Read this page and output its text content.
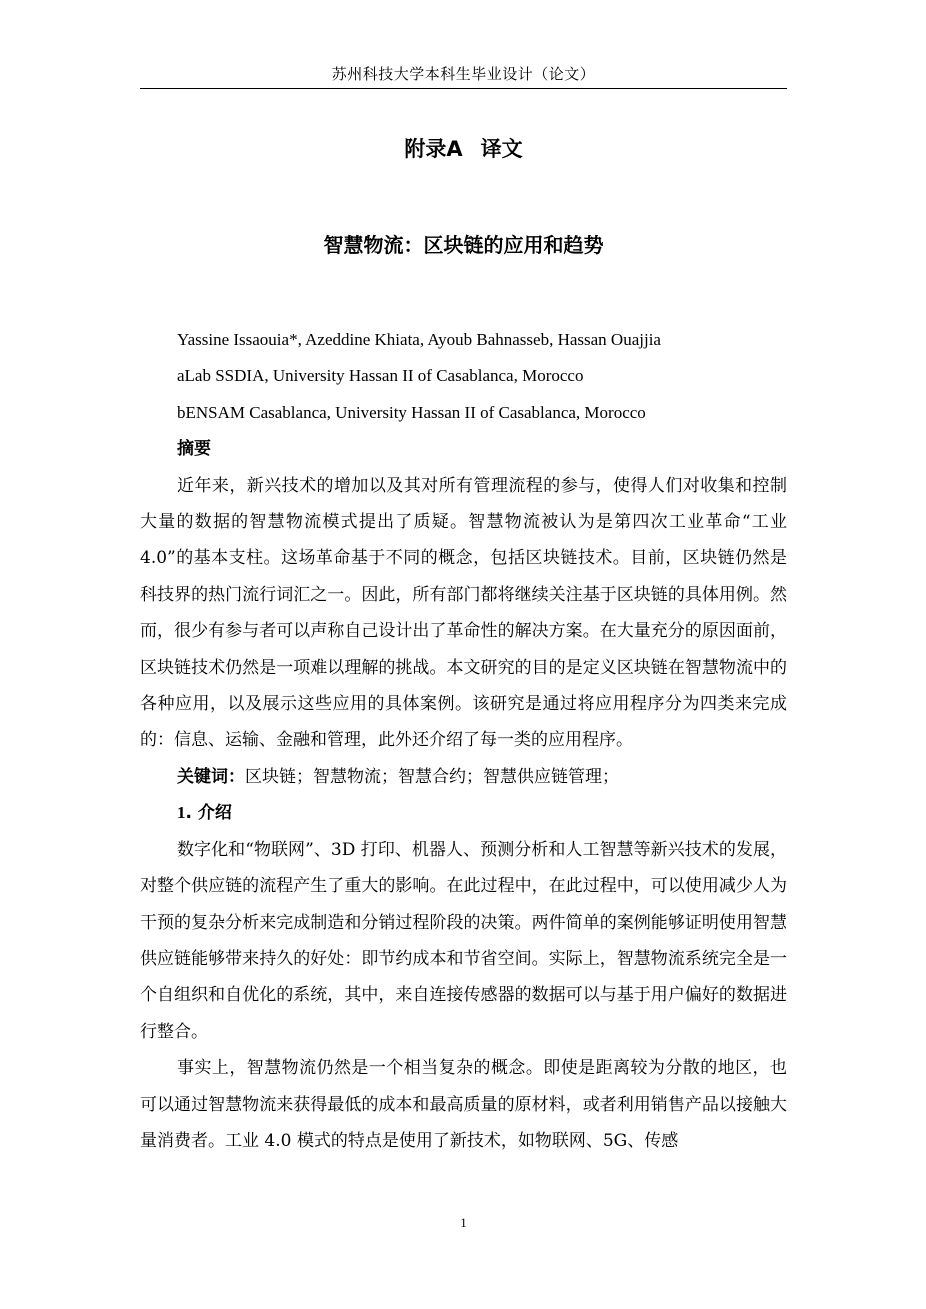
苏州科技大学本科生毕业设计（论文）
附录A 译文
智慧物流：区块链的应用和趋势
Yassine Issaouia*, Azeddine Khiata, Ayoub Bahnasseb, Hassan Ouajjia
aLab SSDIA, University Hassan II of Casablanca, Morocco
bENSAM Casablanca, University Hassan II of Casablanca, Morocco
摘要

近年来，新兴技术的增加以及其对所有管理流程的参与，使得人们对收集和控制大量的数据的智慧物流模式提出了质疑。智慧物流被认为是第四次工业革命“工业 4.0”的基本支柱。这场革命基于不同的概念，包括区块链技术。目前，区块链仍然是科技界的热门流行词汇之一。因此，所有部门都将继续关注基于区块链的具体用例。然而，很少有参与者可以声称自己设计出了革命性的解决方案。在大量充分的原因面前，区块链技术仍然是一项难以理解的挑战。本文研究的目的是定义区块链在智慧物流中的各种应用，以及展示这些应用的具体案例。该研究是通过将应用程序分为四类来完成的：信息、运输、金融和管理，此外还介绍了每一类的应用程序。

关键词：区块链；智慧物流；智慧合约；智慧供应链管理；
1. 介绍

数字化和“物联网”、3D 打印、机器人、预测分析和人工智慧等新兴技术的发展，对整个供应链的流程产生了重大的影响。在此过程中，在此过程中，可以使用减少人为干预的复杂分析来完成制造和分销过程阶段的决策。两件简单的案例能够证明使用智慧供应链能够带来持久的好处：即节约成本和节省空间。实际上，智慧物流系统完全是一个自组织和自优化的系统，其中，来自连接传感器的数据可以与基于用户偏好的数据进行整合。

事实上，智慧物流仍然是一个相当复杂的概念。即使是距离较为分散的地区，也可以通过智慧物流来获得最低的成本和最高质量的原材料，或者利用销售产品以接触大量消费者。工业 4.0 模式的特点是使用了新技术，如物联网、5G、传感

1
